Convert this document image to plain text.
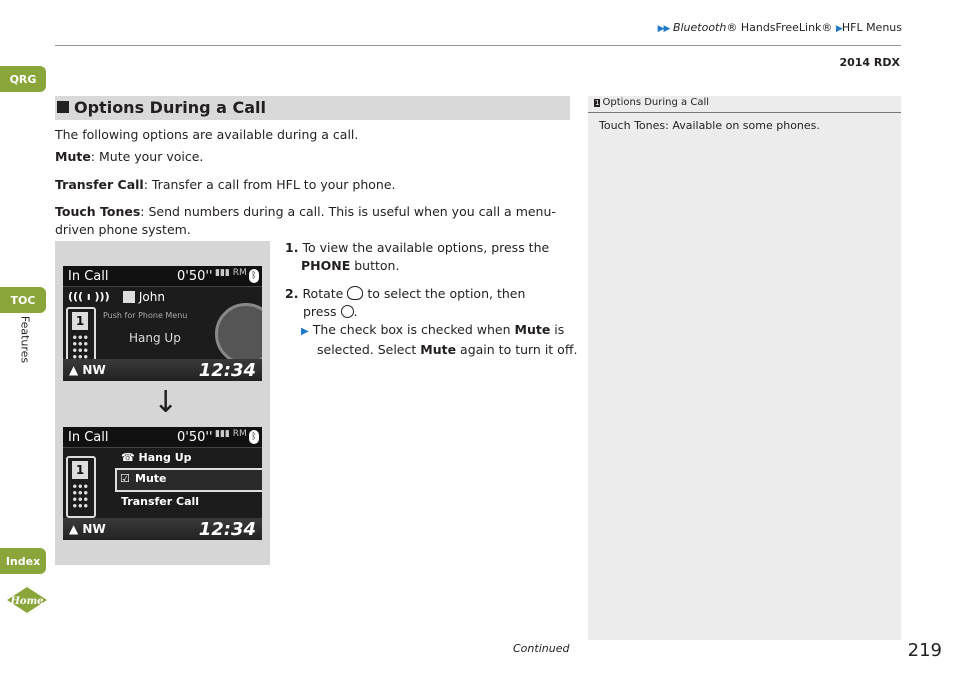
▶▶ Bluetooth® HandsFreeLink® ▶HFL Menus
2014 RDX
QRG
TOC
Features
Index
Home
Options During a Call
The following options are available during a call.
Mute: Mute your voice.
Transfer Call: Transfer a call from HFL to your phone.
Touch Tones: Send numbers during a call. This is useful when you call a menu-
driven phone system.
1. To view the available options, press the
PHONE button.
2. Rotate to select the option, then
press .
▶ The check box is checked when Mute is
selected. Select Mute again to turn it off.
1 Options During a Call
Touch Tones: Available on some phones.
In Call	0'50'' ▮▮▮ RM ᛒ
((( ı )))	John
1	Push for Phone Menu
Hang Up
▲ NW	12:34
↓
In Call	0'50'' ▮▮▮ RM ᛒ
1
☎ Hang Up
☑ Mute
Transfer Call
▲ NW	12:34
Continued	219
